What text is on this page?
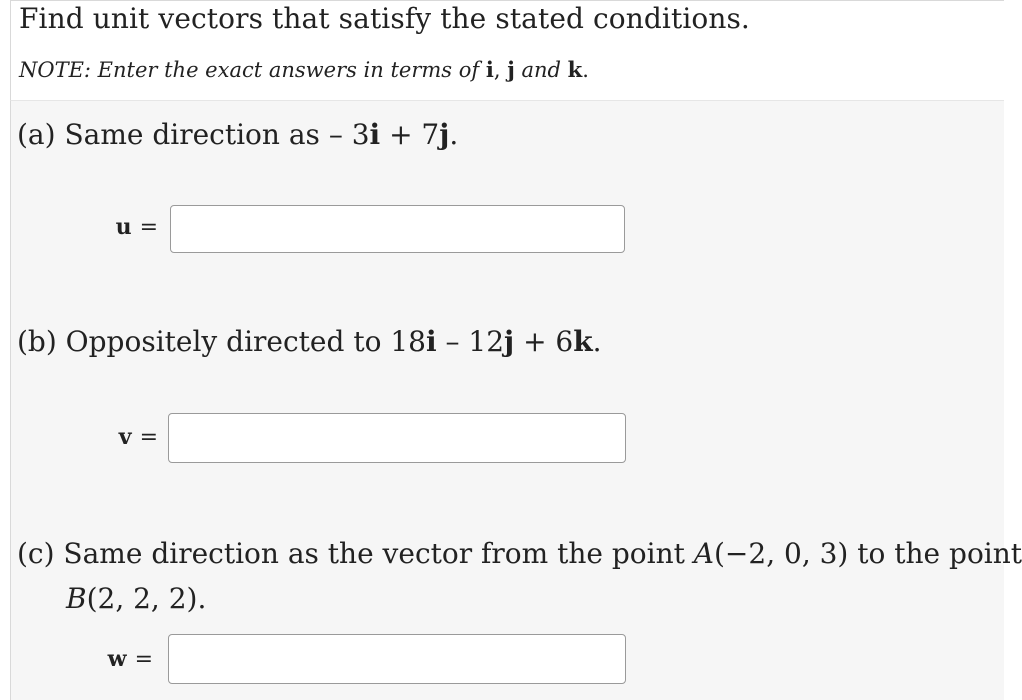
Find unit vectors that satisfy the stated conditions.
NOTE: Enter the exact answers in terms of i, j and k.
(a) Same direction as – 3i + 7j.
u =
(b) Oppositely directed to 18i – 12j + 6k.
v =
(c) Same direction as the vector from the point A(−2, 0, 3) to the point
B(2, 2, 2).
w =
